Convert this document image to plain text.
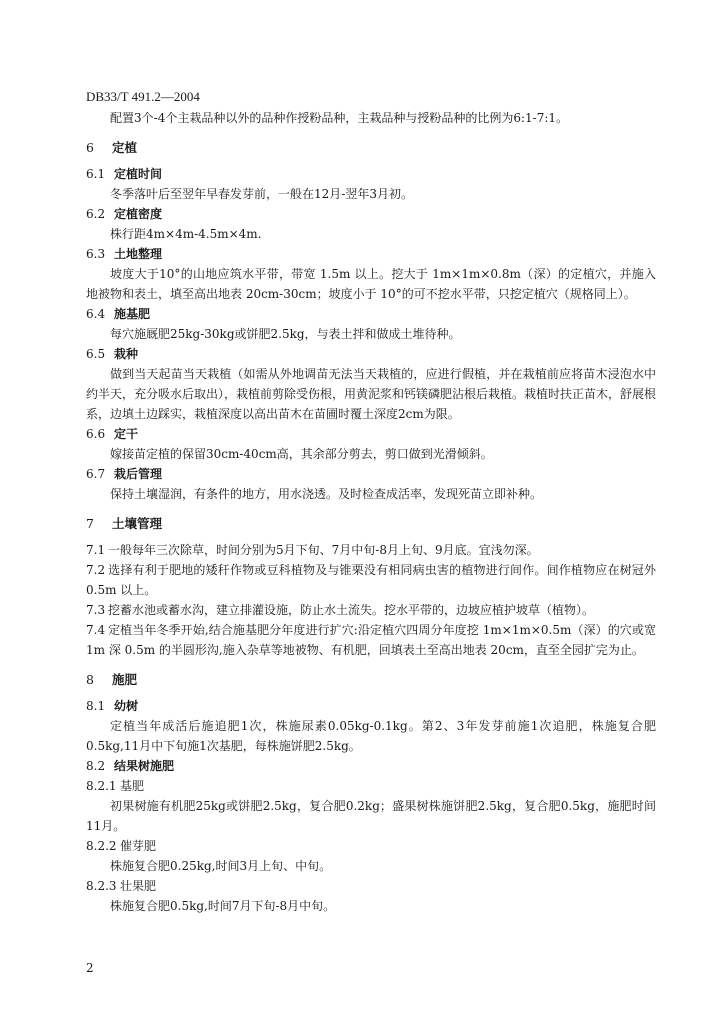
DB33/T 491.2—2004

配置3个-4个主栽品种以外的品种作授粉品种，主栽品种与授粉品种的比例为6:1-7:1。

6 定植
6.1 定植时间

冬季落叶后至翌年早春发芽前，一般在12月-翌年3月初。

6.2 定植密度

株行距4m×4m-4.5m×4m.

6.3 土地整理

坡度大于10°的山地应筑水平带，带宽 1.5m 以上。挖大于 1m×1m×0.8m（深）的定植穴，并施入地被物和表土，填至高出地表 20cm-30cm；坡度小于 10°的可不挖水平带，只挖定植穴（规格同上）。

6.4 施基肥

每穴施厩肥25kg-30kg或饼肥2.5kg，与表土拌和做成土堆待种。

6.5 栽种

做到当天起苗当天栽植（如需从外地调苗无法当天栽植的，应进行假植，并在栽植前应将苗木浸泡水中约半天，充分吸水后取出），栽植前剪除受伤根，用黄泥浆和钙镁磷肥沾根后栽植。栽植时扶正苗木，舒展根系，边填土边踩实，栽植深度以高出苗木在苗圃时覆土深度2cm为限。

6.6 定干

嫁接苗定植的保留30cm-40cm高，其余部分剪去，剪口做到光滑倾斜。

6.7 栽后管理

保持土壤湿润，有条件的地方，用水浇透。及时检查成活率，发现死苗立即补种。

7 土壤管理

7.1 一般每年三次除草，时间分别为5月下旬、7月中旬-8月上旬、9月底。宜浅勿深。

7.2 选择有利于肥地的矮秆作物或豆科植物及与锥栗没有相同病虫害的植物进行间作。间作植物应在树冠外 0.5m 以上。

7.3 挖蓄水池或蓄水沟，建立排灌设施，防止水土流失。挖水平带的，边坡应植护坡草（植物）。

7.4 定植当年冬季开始,结合施基肥分年度进行扩穴:沿定植穴四周分年度挖 1m×1m×0.5m（深）的穴或宽 1m 深 0.5m 的半圆形沟,施入杂草等地被物、有机肥，回填表土至高出地表 20cm，直至全园扩完为止。

8 施肥
8.1 幼树

定植当年成活后施追肥1次，株施尿素0.05kg-0.1kg。第2、3年发芽前施1次追肥，株施复合肥0.5kg,11月中下旬施1次基肥，每株施饼肥2.5kg。

8.2 结果树施肥
8.2.1 基肥

初果树施有机肥25kg或饼肥2.5kg，复合肥0.2kg；盛果树株施饼肥2.5kg，复合肥0.5kg，施肥时间11月。

8.2.2 催芽肥

株施复合肥0.25kg,时间3月上旬、中旬。

8.2.3 壮果肥

株施复合肥0.5kg,时间7月下旬-8月中旬。

2
